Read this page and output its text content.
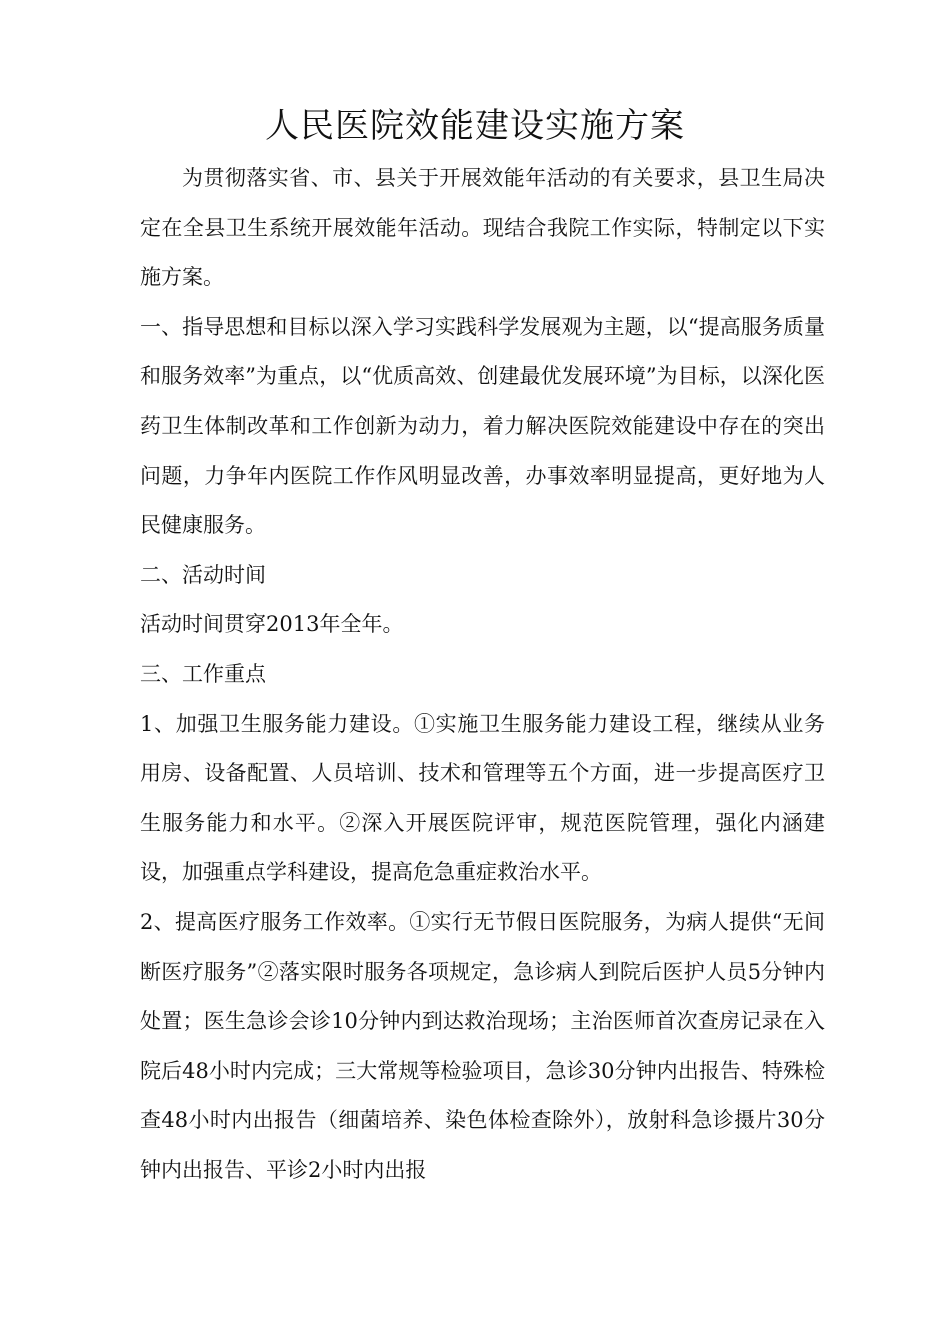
人民医院效能建设实施方案

为贯彻落实省、市、县关于开展效能年活动的有关要求，县卫生局决定在全县卫生系统开展效能年活动。现结合我院工作实际，特制定以下实施方案。

一、指导思想和目标以深入学习实践科学发展观为主题，以“提高服务质量和服务效率”为重点，以“优质高效、创建最优发展环境”为目标，以深化医药卫生体制改革和工作创新为动力，着力解决医院效能建设中存在的突出问题，力争年内医院工作作风明显改善，办事效率明显提高，更好地为人民健康服务。

二、活动时间

活动时间贯穿2013年全年。

三、工作重点

1、加强卫生服务能力建设。①实施卫生服务能力建设工程，继续从业务用房、设备配置、人员培训、技术和管理等五个方面，进一步提高医疗卫生服务能力和水平。②深入开展医院评审，规范医院管理，强化内涵建设，加强重点学科建设，提高危急重症救治水平。

2、提高医疗服务工作效率。①实行无节假日医院服务，为病人提供“无间断医疗服务”②落实限时服务各项规定，急诊病人到院后医护人员5分钟内处置；医生急诊会诊10分钟内到达救治现场；主治医师首次查房记录在入院后48小时内完成；三大常规等检验项目，急诊30分钟内出报告、特殊检查48小时内出报告（细菌培养、染色体检查除外），放射科急诊摄片30分钟内出报告、平诊2小时内出报
